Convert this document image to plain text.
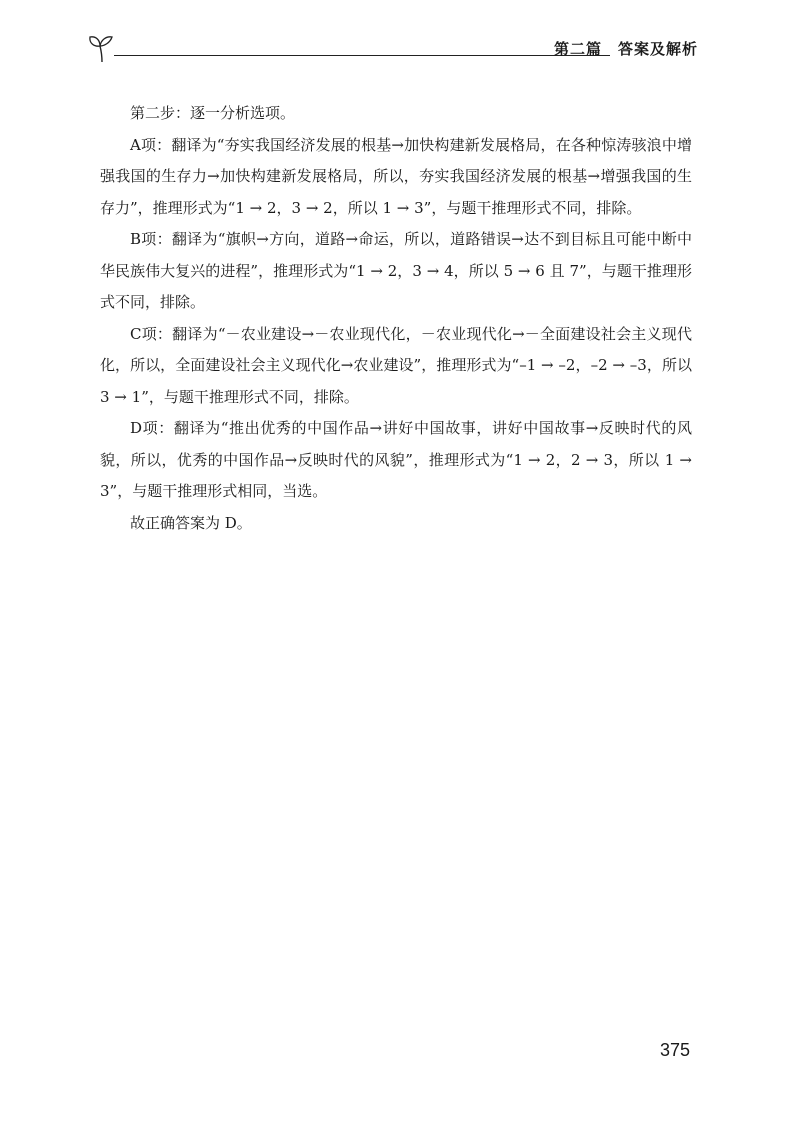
第二篇　答案及解析

第二步：逐一分析选项。

A项：翻译为“夯实我国经济发展的根基→加快构建新发展格局，在各种惊涛骇浪中增强我国的生存力→加快构建新发展格局，所以，夯实我国经济发展的根基→增强我国的生存力”，推理形式为“1 → 2，3 → 2，所以 1 → 3”，与题干推理形式不同，排除。

B项：翻译为“旗帜→方向，道路→命运，所以，道路错误→达不到目标且可能中断中华民族伟大复兴的进程”，推理形式为“1 → 2，3 → 4，所以 5 → 6 且 7”，与题干推理形式不同，排除。

C项：翻译为“－农业建设→－农业现代化，－农业现代化→－全面建设社会主义现代化，所以，全面建设社会主义现代化→农业建设”，推理形式为“–1 → –2，–2 → –3，所以 3 → 1”，与题干推理形式不同，排除。

D项：翻译为“推出优秀的中国作品→讲好中国故事，讲好中国故事→反映时代的风貌，所以，优秀的中国作品→反映时代的风貌”，推理形式为“1 → 2，2 → 3，所以 1 → 3”，与题干推理形式相同，当选。

故正确答案为 D。

375
